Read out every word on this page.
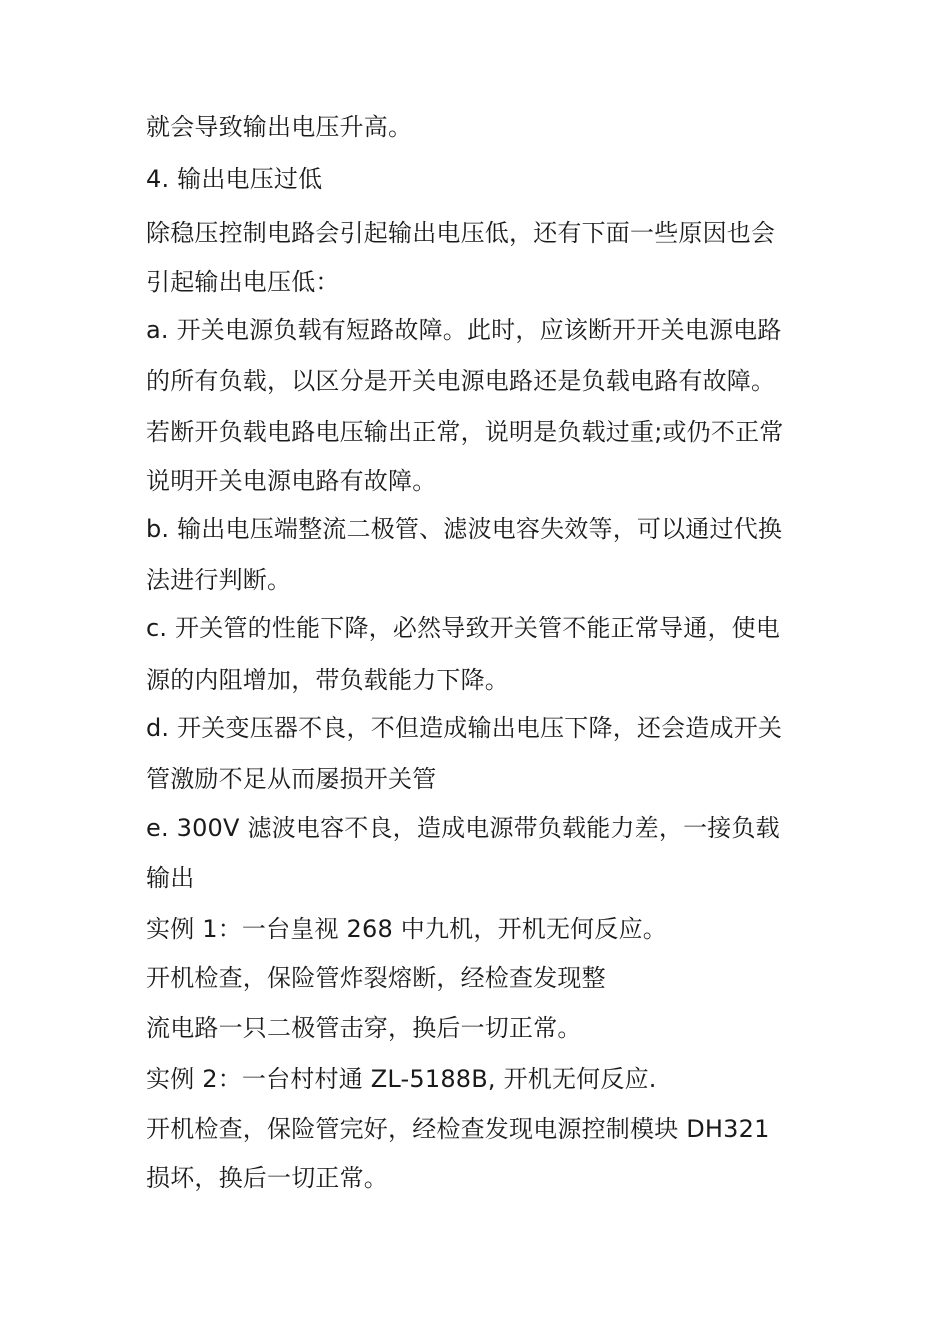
就会导致输出电压升高。
4. 输出电压过低
除稳压控制电路会引起输出电压低，还有下面一些原因也会
引起输出电压低：
a. 开关电源负载有短路故障。此时，应该断开开关电源电路
的所有负载，以区分是开关电源电路还是负载电路有故障。
若断开负载电路电压输出正常，说明是负载过重;或仍不正常
说明开关电源电路有故障。
b. 输出电压端整流二极管、滤波电容失效等，可以通过代换
法进行判断。
c. 开关管的性能下降，必然导致开关管不能正常导通，使电
源的内阻增加，带负载能力下降。
d. 开关变压器不良，不但造成输出电压下降，还会造成开关
管激励不足从而屡损开关管
e. 300V 滤波电容不良，造成电源带负载能力差，一接负载
输出
实例 1：一台皇视 268 中九机，开机无何反应。
开机检查，保险管炸裂熔断，经检查发现整
流电路一只二极管击穿，换后一切正常。
实例 2：一台村村通 ZL-5188B, 开机无何反应.
开机检查，保险管完好，经检查发现电源控制模块 DH321
损坏，换后一切正常。
